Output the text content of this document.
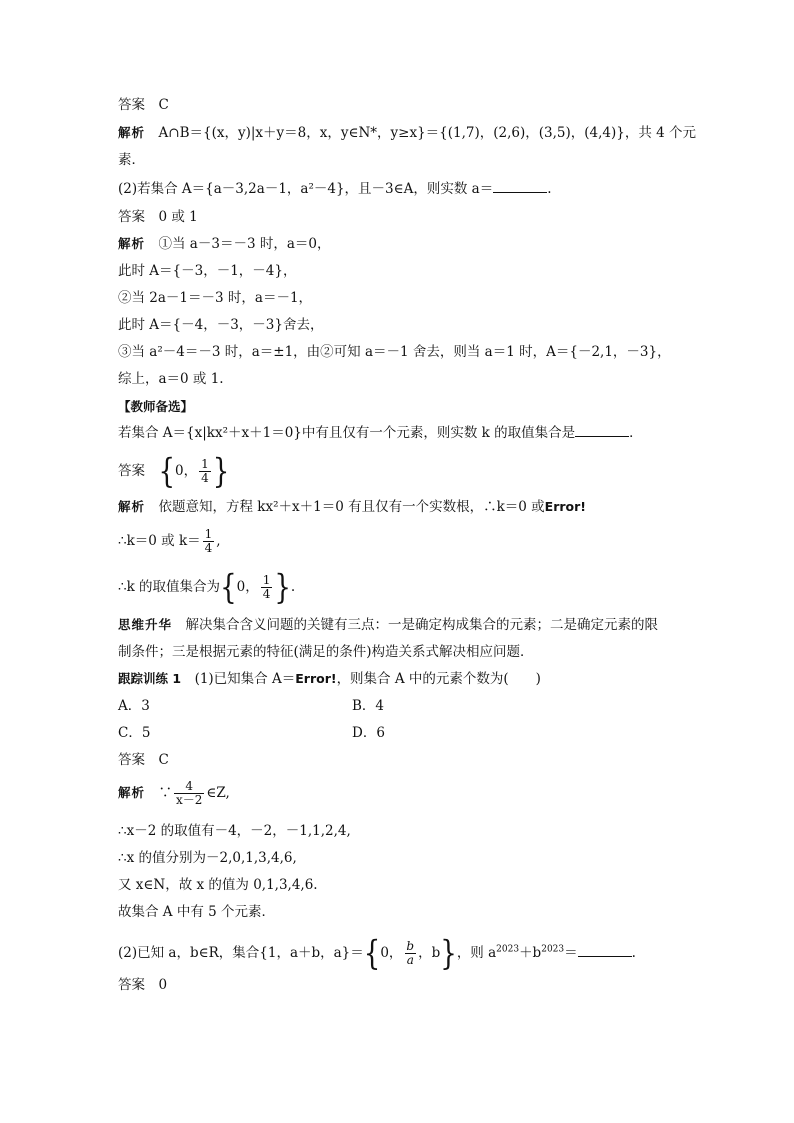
答案　C
解析　 A∩B＝{(x，y)|x＋y＝8，x，y∈N*，y≥x}＝{(1,7)，(2,6)，(3,5)，(4,4)}，共 4 个元
素．
(2)若集合 A＝{a－3,2a－1，a²－4}，且－3∈A，则实数 a＝	.
答案　0 或 1
解析　 ①当 a－3＝－3 时，a＝0，
此时 A＝{－3，－1，－4}，
②当 2a－1＝－3 时，a＝－1，
此时 A＝{－4，－3，－3}舍去，
③当 a²－4＝－3 时，a＝±1，由②可知 a＝－1 舍去，则当 a＝1 时，A＝{－2,1，－3}，
综上，a＝0 或 1.
【教师备选】
若集合 A＝{x|kx²＋x＋1＝0}中有且仅有一个元素，则实数 k 的取值集合是	．
答案　 {0， $\frac{1}{4}$ }
解析　 依题意知，方程 kx²＋x＋1＝0 有且仅有一个实数根，∴k＝0 或Error!
∴k＝0 或 $k= \frac{1}{4}$ ,
∴k 的取值集合为{0， $\frac{1}{4}$ }.
思维升华　 解决集合含义问题的关键有三点：一是确定构成集合的元素；二是确定元素的限
制条件；三是根据元素的特征(满足的条件)构造关系式解决相应问题．
跟踪训练 1　 (1)已知集合 A＝Error!，则集合 A 中的元素个数为(　　)
A．3	B．4
C．5	D．6
答案　C
解析　∵ $\frac{4}{x-2}$ ∈Z,
∴x－2 的取值有－4，－2，－1,1,2,4,
∴x 的值分别为－2,0,1,3,4,6,
又 x∈N，故 x 的值为 0,1,3,4,6.
故集合 A 中有 5 个元素．
(2)已知 a，b∈R，集合{1，a＋b，a}＝{0， $\frac{b}{a}$ ，b}，则 $a^{2023}+b^{2023}=$	.
答案　0
